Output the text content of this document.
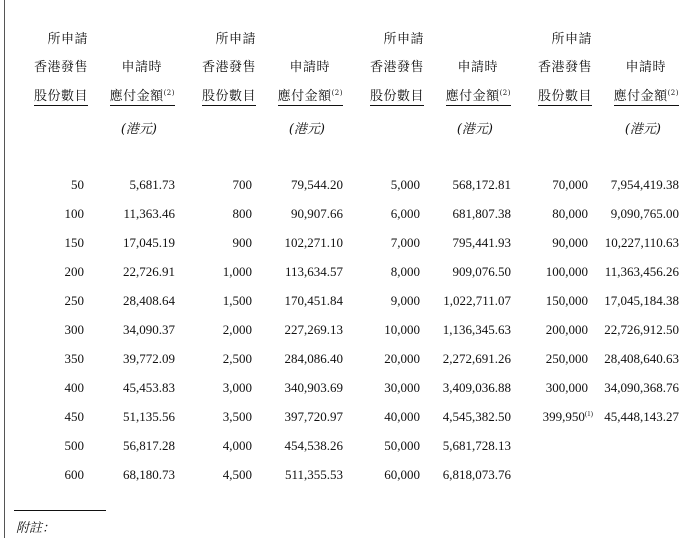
所申請
香港發售
股份數目
申請時
應付金額$^{(2)}$
(港元)
50	5,681.73
100	11,363.46
150	17,045.19
200	22,726.91
250	28,408.64
300	34,090.37
350	39,772.09
400	45,453.83
450	51,135.56
500	56,817.28
600	68,180.73
所申請
香港發售
股份數目
申請時
應付金額$^{(2)}$
(港元)
700	79,544.20
800	90,907.66
900	102,271.10
1,000	113,634.57
1,500	170,451.84
2,000	227,269.13
2,500	284,086.40
3,000	340,903.69
3,500	397,720.97
4,000	454,538.26
4,500	511,355.53
所申請
香港發售
股份數目
申請時
應付金額$^{(2)}$
(港元)
5,000	568,172.81
6,000	681,807.38
7,000	795,441.93
8,000	909,076.50
9,000 1,022,711.07
10,000 1,136,345.63
20,000 2,272,691.26
30,000 3,409,036.88
40,000 4,545,382.50
50,000 5,681,728.13
60,000 6,818,073.76
所申請
香港發售
股份數目
申請時
應付金額$^{(2)}$
(港元)
70,000 7,954,419.38
80,000 9,090,765.00
90,000 10,227,110.63
100,000 11,363,456.26
150,000 17,045,184.38
200,000 22,726,912.50
250,000 28,408,640.63
300,000 34,090,368.76
399,950$^{(1)}$ 45,448,143.27
附註：
